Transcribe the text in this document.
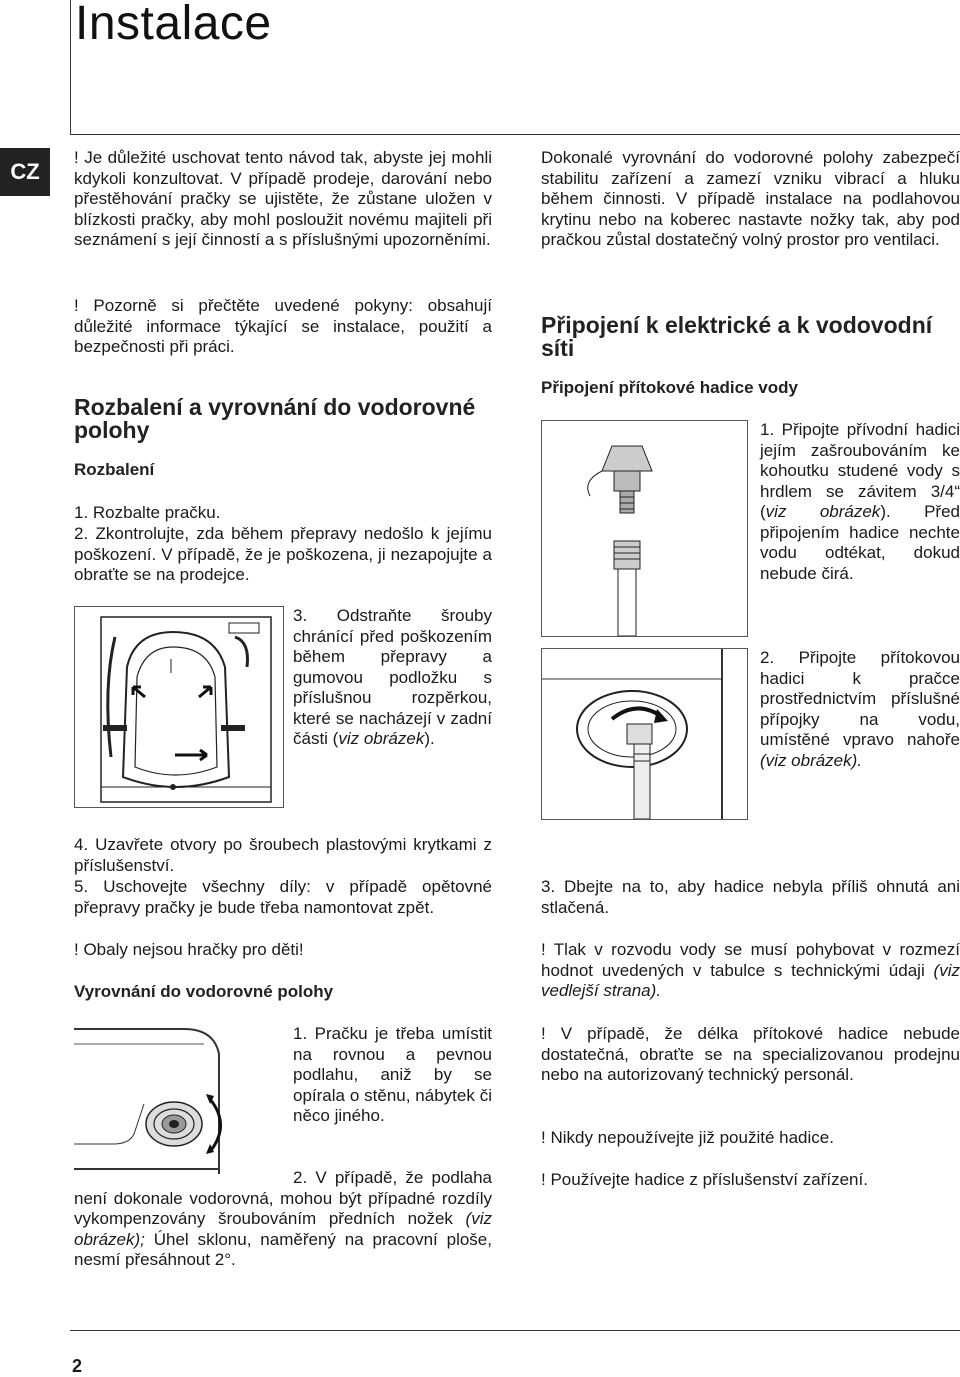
Instalace
CZ
! Je důležité uschovat tento návod tak, abyste jej mohli kdykoli konzultovat. V případě prodeje, darování nebo přestěhování pračky se ujistěte, že zůstane uložen v blízkosti pračky, aby mohl posloužit novému majiteli při seznámení s její činností a s příslušnými upozorněními.
! Pozorně si přečtěte uvedené pokyny: obsahují důležité informace týkající se instalace, použití a bezpečnosti při práci.
Rozbalení a vyrovnání do vodorovné polohy
Rozbalení
1. Rozbalte pračku.
2. Zkontrolujte, zda během přepravy nedošlo k jejímu poškození. V případě, že je poškozena, ji nezapojujte a obraťte se na prodejce.
3. Odstraňte šrouby chránící před poškozením během přepravy a gumovou podložku s příslušnou rozpěrkou, které se nacházejí v zadní části (viz obrázek).
4. Uzavřete otvory po šroubech plastovými krytkami z příslušenství.
5. Uschovejte všechny díly: v případě opětovné přepravy pračky je bude třeba namontovat zpět.
! Obaly nejsou hračky pro děti!
Vyrovnání do vodorovné polohy
1. Pračku je třeba umístit na rovnou a pevnou podlahu, aniž by se opírala o stěnu, nábytek či něco jiného.
2. V případě, že podlaha není dokonale vodorovná, mohou být případné rozdíly vykompenzovány šroubováním předních nožek (viz obrázek); Úhel sklonu, naměřený na pracovní ploše, nesmí přesáhnout 2°.
Dokonalé vyrovnání do vodorovné polohy zabezpečí stabilitu zařízení a zamezí vzniku vibrací a hluku během činnosti. V případě instalace na podlahovou krytinu nebo na koberec nastavte nožky tak, aby pod pračkou zůstal dostatečný volný prostor pro ventilaci.
Připojení k elektrické a k vodovodní síti
Připojení přítokové hadice vody
1. Připojte přívodní hadici jejím zašroubováním ke kohoutku studené vody s hrdlem se závitem 3/4“ (viz obrázek). Před připojením hadice nechte vodu odtékat, dokud nebude čirá.
2. Připojte přítokovou hadici k pračce prostřednictvím příslušné přípojky na vodu, umístěné vpravo nahoře (viz obrázek).
3. Dbejte na to, aby hadice nebyla příliš ohnutá ani stlačená.
! Tlak v rozvodu vody se musí pohybovat v rozmezí hodnot uvedených v tabulce s technickými údaji (viz vedlejší strana).
! V případě, že délka přítokové hadice nebude dostatečná, obraťte se na specializovanou prodejnu nebo na autorizovaný technický personál.
! Nikdy nepoužívejte již použité hadice.
! Používejte hadice z příslušenství zařízení.
2
